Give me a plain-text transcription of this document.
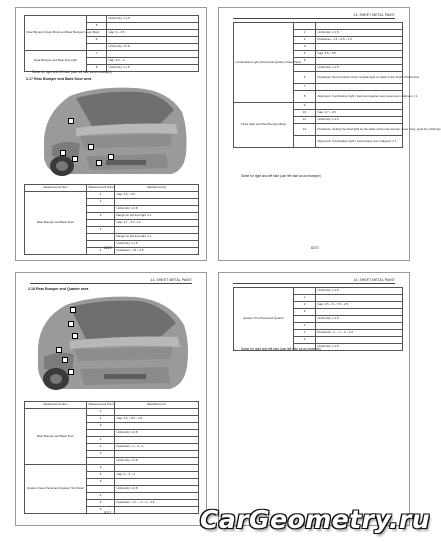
Rear Bumper Upper Body and Rear Bumper Lower Body		Uniformity: ≤ 1.5
	5	
		Gap: 3 ~ 4.5
	6	
		Uniformity: ≤ 0.8
Rear Bumper and Rear Fog Light	7	
		Gap: 3.5 ~ 4
	8	Uniformity: ≤ 1.5
Same for right and left side (use left side as an example)
2.17 Rear Bumper and Back Door area
Measurement Item	Measurement Point	Standard (mm)
Rear Bumper and Back Door	1	Gap: 2.5 ~ 4.5
	2	
		Uniformity: ≤ 0.8
	3	Range for left and right: ≤ 1
		Gap: 3.7 ~ 5.7, ≤ 2
	4	
		Range for left and right: ≤ 1
		Uniformity: ≤ 1.5
	1	Flushness: -1.5 ~ 2.5
8269
13. SHEET METAL PAINT
Combination Light (Fixed) and Quarter Outer Panel		
	1	Uniformity: ≤ 1.5
	2	Flushness: -1.5 ~ 0.5 ~ 1.5
	3	
	4	Gap: 3.5 ~ 5.5
	5	
		Uniformity: ≤ 1.5
	6	Flushness: Set the Flush of the movable light on basis of the Flush of back door
	7	
	8	Alignment: Combination light / back and quarter outer panel are in aligned, ≤ 1
Fixed Light and Rear Bumper Body	9	
	10	Gap: 2.7 ~ 3.5
	11	Uniformity: ≤ 1.5
	12	Flushness: Setting the fixed light on the basis of the rear bumper upper body, good for uniformity
		Alignment: Combination light / rear bumper are in aligned, ≤ 1
Same for right and left side (use left side as an example)
8270
13. SHEET METAL PAINT
2.18 Rear Bumper and Quarter area
Measurement Item	Measurement Point	Standard (mm)
Rear Bumper and Back Door	1	
	2	Gap: 2.5 ~ 3.5 ~ 4.5
	3	
		Uniformity: ≤ 0.8
	1	
	2	Flushness: -1 ~ 0 ~ 1
	3	
		Uniformity: ≤ 0.8
Quarter Outer Panel and Quarter Trim Panel	4	
	5	Gap: 2 ~ 3 ~ 4
	6	
		Uniformity: ≤ 0.8
	4	
	5	Flushness: -1.7 ~ -1 ~ 0 ~ 2.5
	6	
8271
13. SHEET METAL PAINT
Quarter Trim Panel and Quarter		Uniformity: ≤ 1.5
	1	
	2	Gap: 4.5 ~ 6 ~ 7.5 ~ 2.5
	3	
		Uniformity: ≤ 1.5
	1	
	2	Flushness: -1 ~ -1 ~ 0 ~ 1.5
	3	
		Uniformity: ≤ 1.5
Same for right and left side (use left side as an example)
CarGeometry.ru
